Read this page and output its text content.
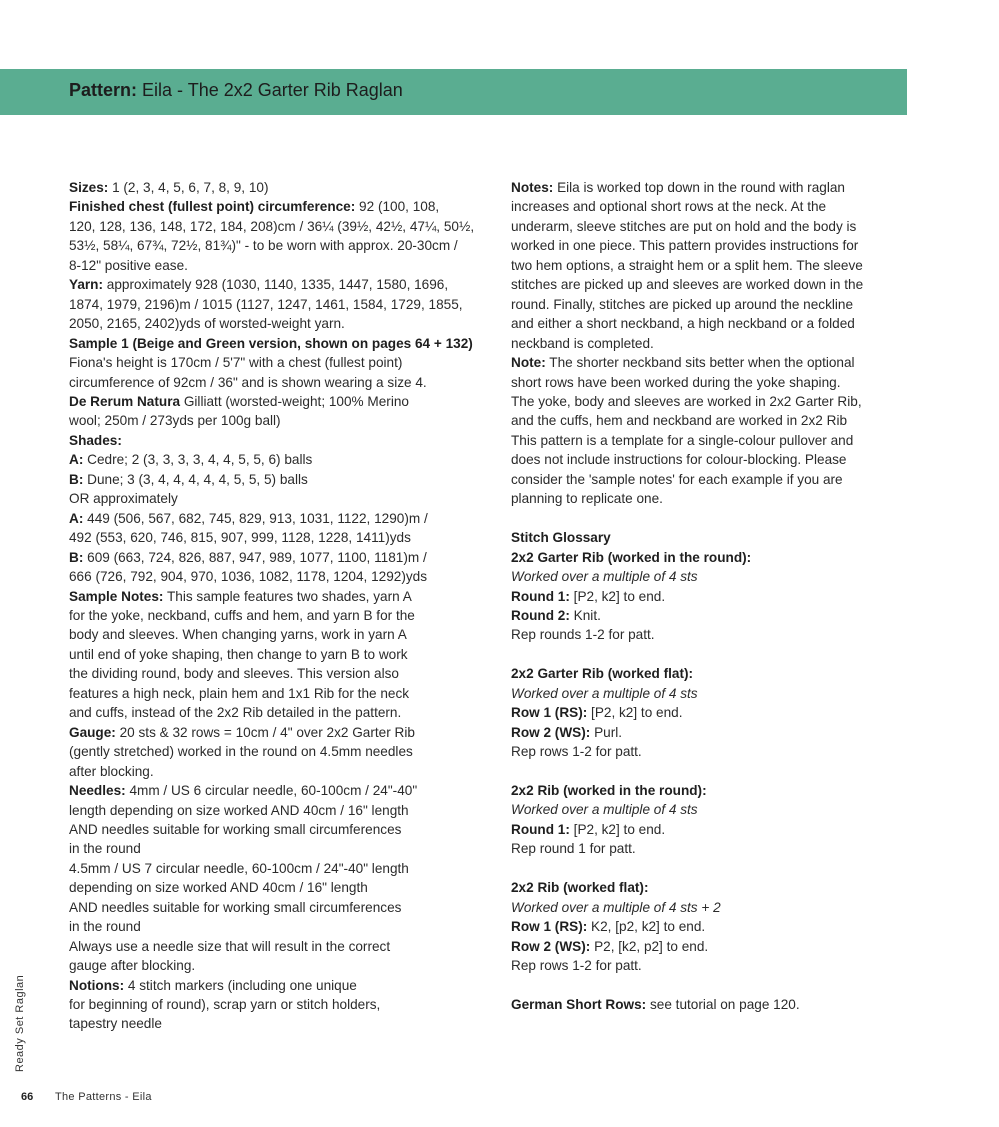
Pattern: Eila - The 2x2 Garter Rib Raglan
Sizes: 1 (2, 3, 4, 5, 6, 7, 8, 9, 10)
Finished chest (fullest point) circumference: 92 (100, 108,
120, 128, 136, 148, 172, 184, 208)cm / 36¼ (39½, 42½, 47¼, 50½,
53½, 58¼, 67¾, 72½, 81¾)" - to be worn with approx. 20-30cm /
8-12" positive ease.
Yarn: approximately 928 (1030, 1140, 1335, 1447, 1580, 1696,
1874, 1979, 2196)m / 1015 (1127, 1247, 1461, 1584, 1729, 1855,
2050, 2165, 2402)yds of worsted-weight yarn.
Sample 1 (Beige and Green version, shown on pages 64 + 132)
Fiona's height is 170cm / 5'7" with a chest (fullest point)
circumference of 92cm / 36" and is shown wearing a size 4.
De Rerum Natura Gilliatt (worsted-weight; 100% Merino
wool; 250m / 273yds per 100g ball)
Shades:
A: Cedre; 2 (3, 3, 3, 3, 4, 4, 5, 5, 6) balls
B: Dune; 3 (3, 4, 4, 4, 4, 4, 5, 5, 5) balls
OR approximately
A: 449 (506, 567, 682, 745, 829, 913, 1031, 1122, 1290)m /
492 (553, 620, 746, 815, 907, 999, 1128, 1228, 1411)yds
B: 609 (663, 724, 826, 887, 947, 989, 1077, 1100, 1181)m /
666 (726, 792, 904, 970, 1036, 1082, 1178, 1204, 1292)yds
Sample Notes: This sample features two shades, yarn A
for the yoke, neckband, cuffs and hem, and yarn B for the
body and sleeves. When changing yarns, work in yarn A
until end of yoke shaping, then change to yarn B to work
the dividing round, body and sleeves. This version also
features a high neck, plain hem and 1x1 Rib for the neck
and cuffs, instead of the 2x2 Rib detailed in the pattern.
Gauge: 20 sts & 32 rows = 10cm / 4" over 2x2 Garter Rib
(gently stretched) worked in the round on 4.5mm needles
after blocking.
Needles: 4mm / US 6 circular needle, 60-100cm / 24"-40"
length depending on size worked AND 40cm / 16" length
AND needles suitable for working small circumferences
in the round
4.5mm / US 7 circular needle, 60-100cm / 24"-40" length
depending on size worked AND 40cm / 16" length
AND needles suitable for working small circumferences
in the round
Always use a needle size that will result in the correct
gauge after blocking.
Notions: 4 stitch markers (including one unique
for beginning of round), scrap yarn or stitch holders,
tapestry needle
Notes: Eila is worked top down in the round with raglan
increases and optional short rows at the neck. At the
underarm, sleeve stitches are put on hold and the body is
worked in one piece. This pattern provides instructions for
two hem options, a straight hem or a split hem. The sleeve
stitches are picked up and sleeves are worked down in the
round. Finally, stitches are picked up around the neckline
and either a short neckband, a high neckband or a folded
neckband is completed.
Note: The shorter neckband sits better when the optional
short rows have been worked during the yoke shaping.
The yoke, body and sleeves are worked in 2x2 Garter Rib,
and the cuffs, hem and neckband are worked in 2x2 Rib
This pattern is a template for a single-colour pullover and
does not include instructions for colour-blocking. Please
consider the 'sample notes' for each example if you are
planning to replicate one.
Stitch Glossary
2x2 Garter Rib (worked in the round):
Worked over a multiple of 4 sts
Round 1: [P2, k2] to end.
Round 2: Knit.
Rep rounds 1-2 for patt.
2x2 Garter Rib (worked flat):
Worked over a multiple of 4 sts
Row 1 (RS): [P2, k2] to end.
Row 2 (WS): Purl.
Rep rows 1-2 for patt.
2x2 Rib (worked in the round):
Worked over a multiple of 4 sts
Round 1: [P2, k2] to end.
Rep round 1 for patt.
2x2 Rib (worked flat):
Worked over a multiple of 4 sts + 2
Row 1 (RS): K2, [p2, k2] to end.
Row 2 (WS): P2, [k2, p2] to end.
Rep rows 1-2 for patt.
German Short Rows: see tutorial on page 120.
Ready Set Raglan
66 The Patterns - Eila
